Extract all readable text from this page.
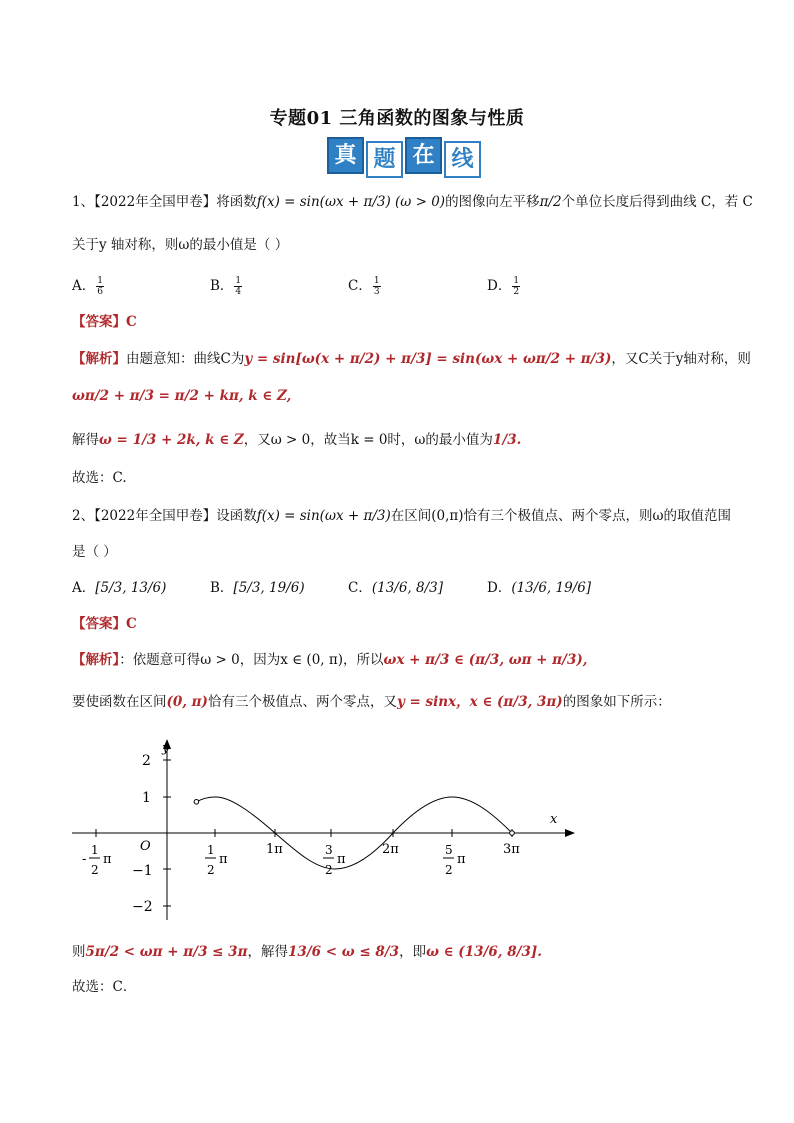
专题01 三角函数的图象与性质
真 题 在 线
1、【2022年全国甲卷】将函数f(x) = sin(ωx + π/3) (ω > 0)的图像向左平移π/2个单位长度后得到曲线 C，若 C
关于y 轴对称，则ω的最小值是（ ）
A． $\frac{1}{6}$	B． $\frac{1}{4}$	C． $\frac{1}{3}$	D． $\frac{1}{2}$
【答案】C
【解析】由题意知：曲线C为y = sin[ω(x + π/2) + π/3] = sin(ωx + ωπ/2 + π/3)，又C关于y轴对称，则
ωπ/2 + π/3 = π/2 + kπ, k ∈ Z,
解得ω = 1/3 + 2k, k ∈ Z，又ω > 0，故当k = 0时，ω的最小值为1/3.
故选：C.
2、【2022年全国甲卷】设函数f(x) = sin(ωx + π/3)在区间(0,π)恰有三个极值点、两个零点，则ω的取值范围
是（ ）
A．[5/3, 13/6)	B．[5/3, 19/6)	C．(13/6, 8/3]	D．(13/6, 19/6]
【答案】C
【解析】：依题意可得ω > 0，因为x ∈ (0, π)，所以ωx + π/3 ∈ (π/3, ωπ + π/3),
要使函数在区间(0, π)恰有三个极值点、两个零点，又y = sinx，x ∈ (π/3, 3π)的图象如下所示：
x
y
O
2
1
−1
−2
-
1
2
π
1
2
π
1π	3
2
π
2π	5
2
π
3π
则5π/2 < ωπ + π/3 ≤ 3π，解得13/6 < ω ≤ 8/3，即ω ∈ (13/6, 8/3].
故选：C．
